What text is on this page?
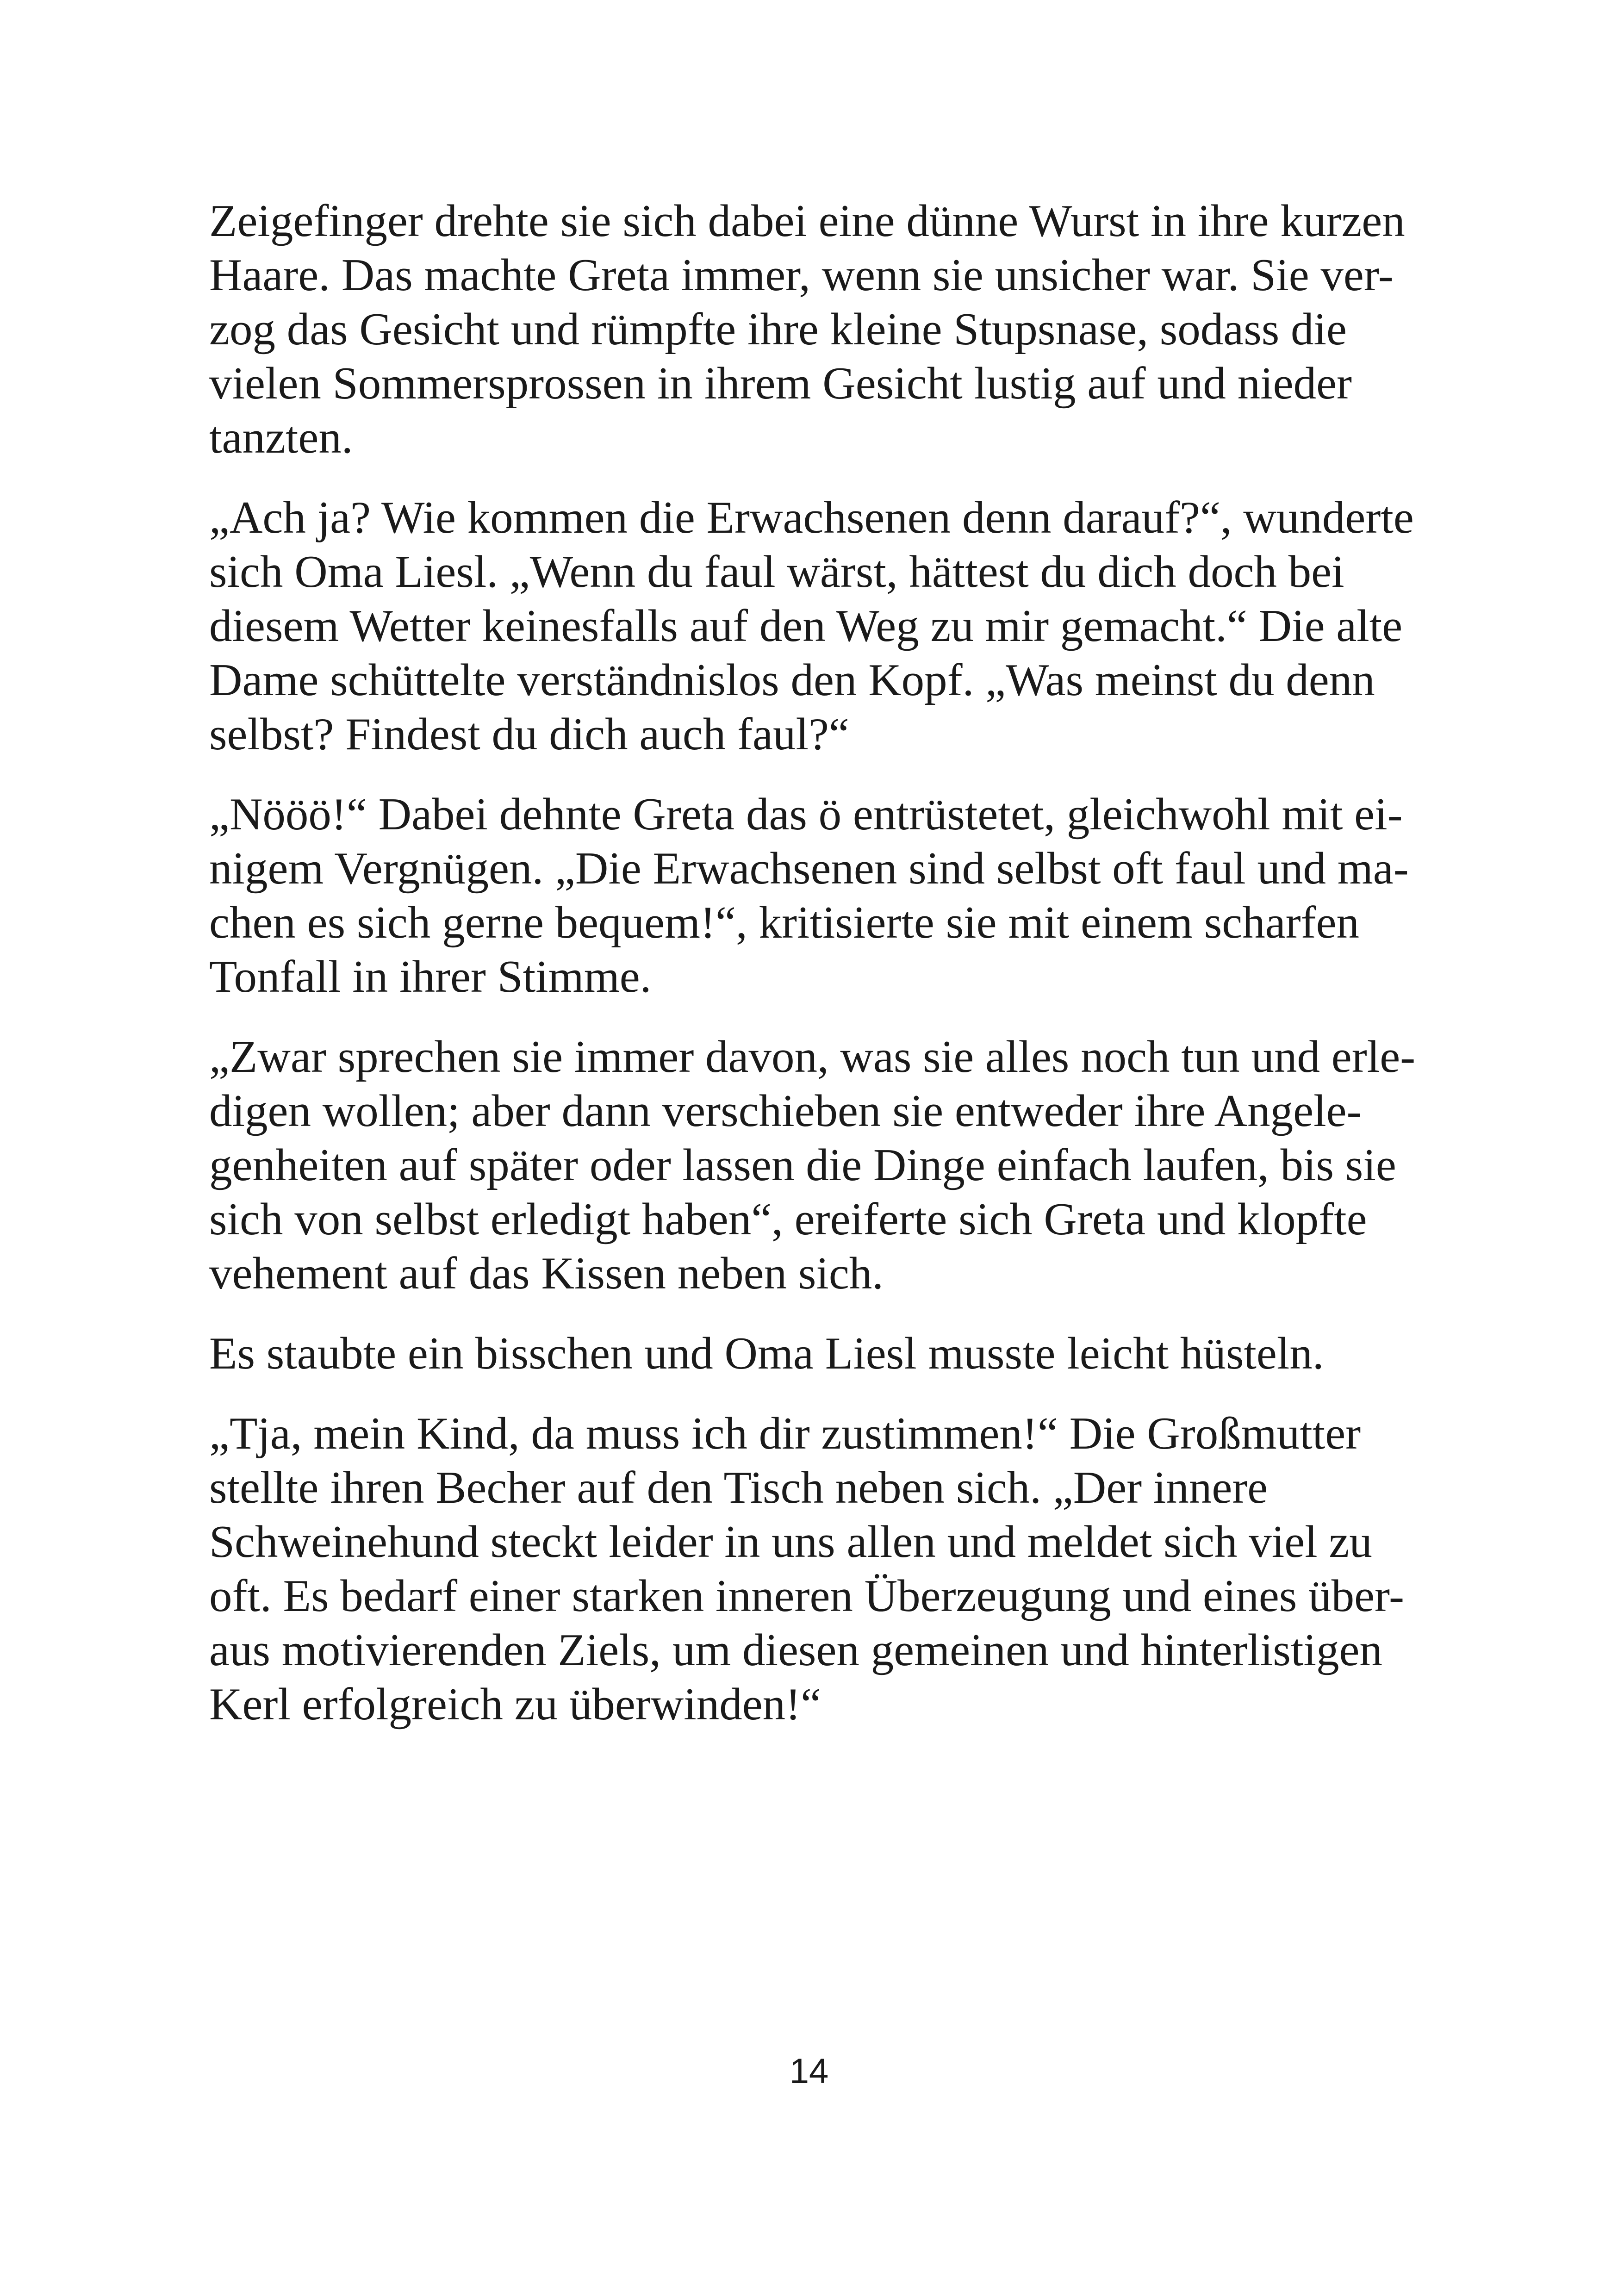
Zeigefinger drehte sie sich dabei eine dünne Wurst in ihre kurzen
Haare. Das machte Greta immer, wenn sie unsicher war. Sie ver-
zog das Gesicht und rümpfte ihre kleine Stupsnase, sodass die
vielen Sommersprossen in ihrem Gesicht lustig auf und nieder
tanzten.

„Ach ja? Wie kommen die Erwachsenen denn darauf?“, wunderte
sich Oma Liesl. „Wenn du faul wärst, hättest du dich doch bei
diesem Wetter keinesfalls auf den Weg zu mir gemacht.“ Die alte
Dame schüttelte verständnislos den Kopf. „Was meinst du denn
selbst? Findest du dich auch faul?“

„Nööö!“ Dabei dehnte Greta das ö entrüstetet, gleichwohl mit ei-
nigem Vergnügen. „Die Erwachsenen sind selbst oft faul und ma-
chen es sich gerne bequem!“, kritisierte sie mit einem scharfen
Tonfall in ihrer Stimme.

„Zwar sprechen sie immer davon, was sie alles noch tun und erle-
digen wollen; aber dann verschieben sie entweder ihre Angele-
genheiten auf später oder lassen die Dinge einfach laufen, bis sie
sich von selbst erledigt haben“, ereiferte sich Greta und klopfte
vehement auf das Kissen neben sich.

Es staubte ein bisschen und Oma Liesl musste leicht hüsteln.

„Tja, mein Kind, da muss ich dir zustimmen!“ Die Großmutter
stellte ihren Becher auf den Tisch neben sich. „Der innere
Schweinehund steckt leider in uns allen und meldet sich viel zu
oft. Es bedarf einer starken inneren Überzeugung und eines über-
aus motivierenden Ziels, um diesen gemeinen und hinterlistigen
Kerl erfolgreich zu überwinden!“

14
